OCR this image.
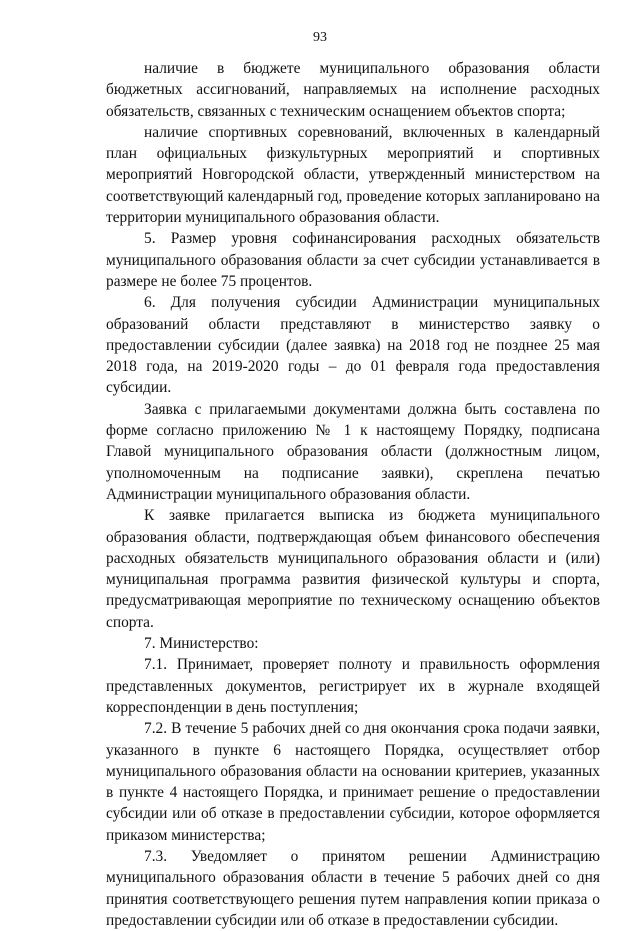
93

наличие в бюджете муниципального образования области бюджетных ассигнований, направляемых на исполнение расходных обязательств, связанных с техническим оснащением объектов спорта;

наличие спортивных соревнований, включенных в календарный план официальных физкультурных мероприятий и спортивных мероприятий Новгородской области, утвержденный министерством на соответствующий календарный год, проведение которых запланировано на территории муниципального образования области.

5. Размер уровня софинансирования расходных обязательств муниципального образования области за счет субсидии устанавливается в размере не более 75 процентов.

6. Для получения субсидии Администрации муниципальных образований области представляют в министерство заявку о предоставлении субсидии (далее заявка) на 2018 год не позднее 25 мая 2018 года, на 2019-2020 годы – до 01 февраля года предоставления субсидии.

Заявка с прилагаемыми документами должна быть составлена по форме согласно приложению № 1 к настоящему Порядку, подписана Главой муниципального образования области (должностным лицом, уполномоченным на подписание заявки), скреплена печатью Администрации муниципального образования области.

К заявке прилагается выписка из бюджета муниципального образования области, подтверждающая объем финансового обеспечения расходных обязательств муниципального образования области и (или) муниципальная программа развития физической культуры и спорта, предусматривающая мероприятие по техническому оснащению объектов спорта.

7. Министерство:

7.1. Принимает, проверяет полноту и правильность оформления представленных документов, регистрирует их в журнале входящей корреспонденции в день поступления;

7.2. В течение 5 рабочих дней со дня окончания срока подачи заявки, указанного в пункте 6 настоящего Порядка, осуществляет отбор муниципального образования области на основании критериев, указанных в пункте 4 настоящего Порядка, и принимает решение о предоставлении субсидии или об отказе в предоставлении субсидии, которое оформляется приказом министерства;

7.3. Уведомляет о принятом решении Администрацию муниципального образования области в течение 5 рабочих дней со дня принятия соответствующего решения путем направления копии приказа о предоставлении субсидии или об отказе в предоставлении субсидии.
